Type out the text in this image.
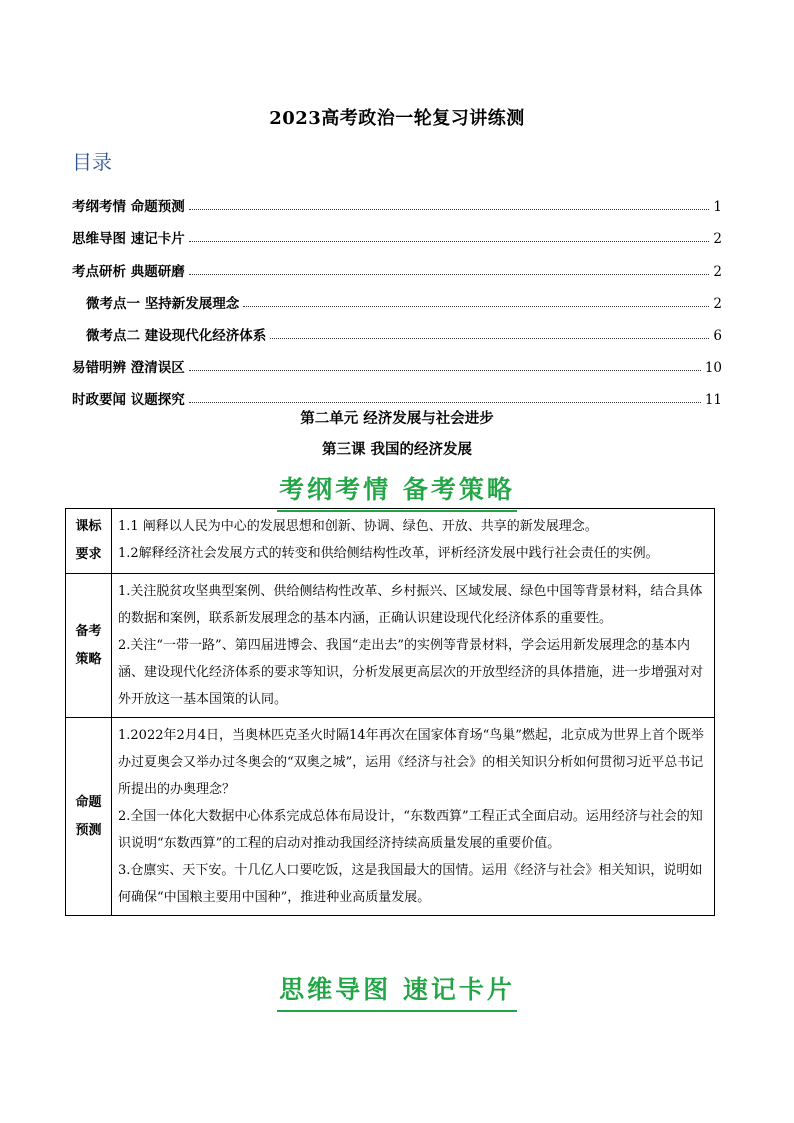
2023高考政治一轮复习讲练测
目录
考纲考情 命题预测	1
思维导图 速记卡片	2
考点研析 典题研磨	2
微考点一 坚持新发展理念	2
微考点二 建设现代化经济体系	6
易错明辨 澄清误区	10
时政要闻 议题探究	11
第二单元 经济发展与社会进步
第三课 我国的经济发展
考纲考情 备考策略
课标要求	1.1 阐释以人民为中心的发展思想和创新、协调、绿色、开放、共享的新发展理念。

1.2解释经济社会发展方式的转变和供给侧结构性改革，评析经济发展中践行社会责任的实例。

备考策略	1.关注脱贫攻坚典型案例、供给侧结构性改革、乡村振兴、区域发展、绿色中国等背景材料，结合具体的数据和案例，联系新发展理念的基本内涵，正确认识建设现代化经济体系的重要性。

2.关注“一带一路”、第四届进博会、我国“走出去”的实例等背景材料，学会运用新发展理念的基本内涵、建设现代化经济体系的要求等知识，分析发展更高层次的开放型经济的具体措施，进一步增强对对外开放这一基本国策的认同。

命题预测	1.2022年2月4日，当奥林匹克圣火时隔14年再次在国家体育场“鸟巢”燃起，北京成为世界上首个既举办过夏奥会又举办过冬奥会的“双奥之城”，运用《经济与社会》的相关知识分析如何贯彻习近平总书记所提出的办奥理念？

2.全国一体化大数据中心体系完成总体布局设计，“东数西算”工程正式全面启动。运用经济与社会的知识说明“东数西算”的工程的启动对推动我国经济持续高质量发展的重要价值。

3.仓廪实、天下安。十几亿人口要吃饭，这是我国最大的国情。运用《经济与社会》相关知识，说明如何确保“中国粮主要用中国种”，推进种业高质量发展。

思维导图 速记卡片
